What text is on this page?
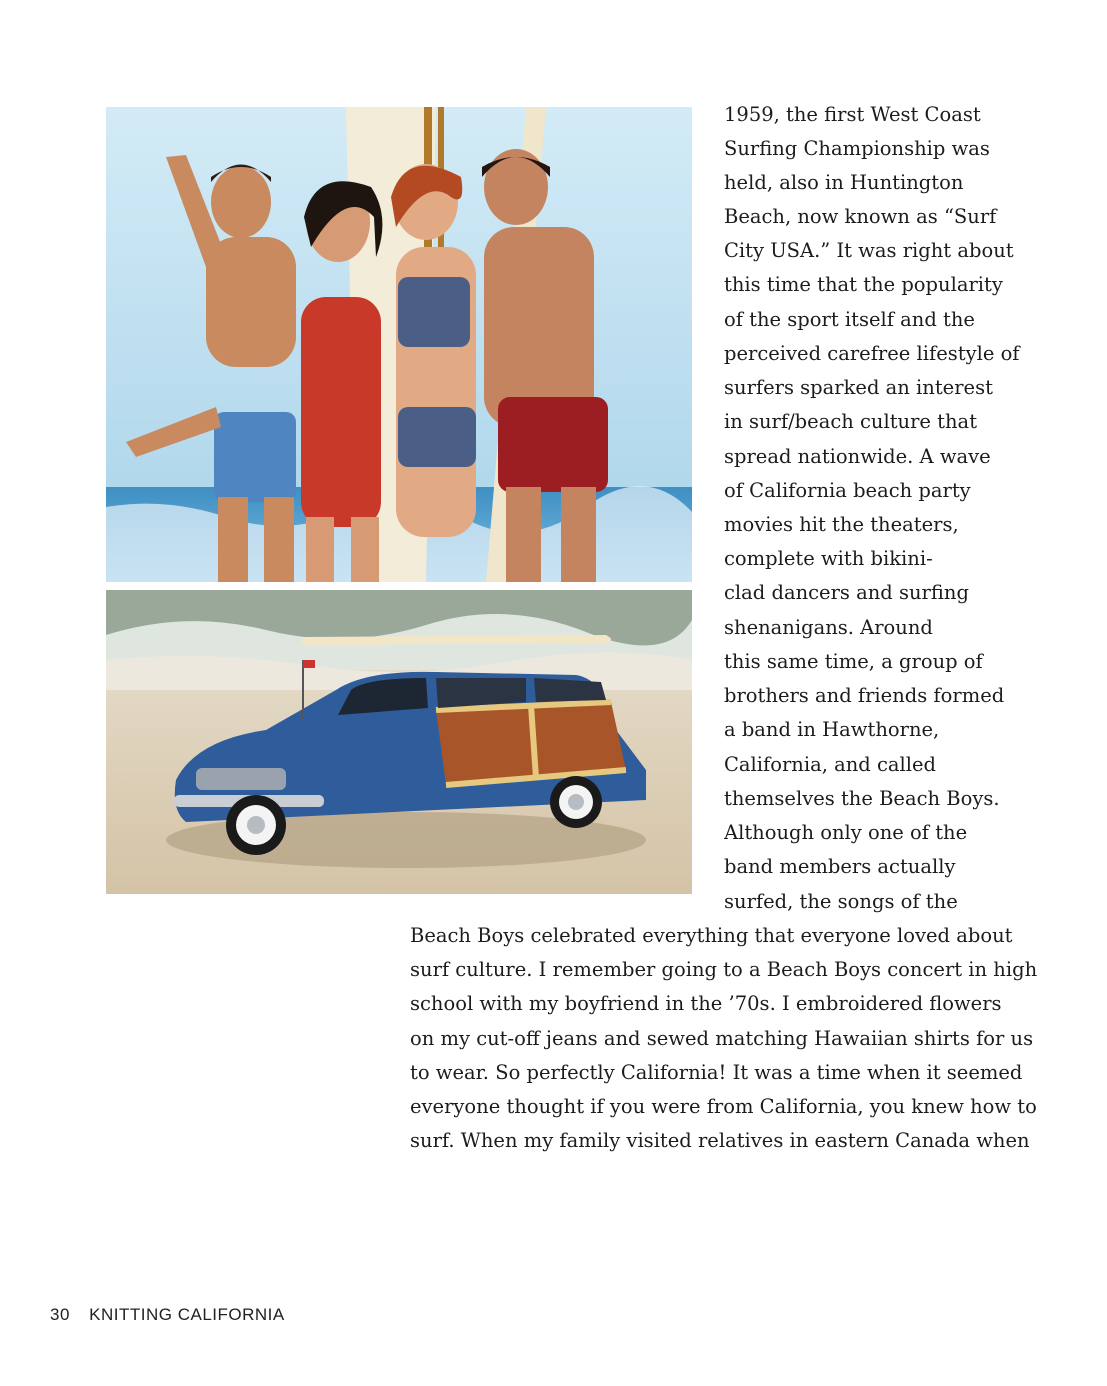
1959, the first West Coast
Surfing Championship was
held, also in Huntington
Beach, now known as “Surf
City USA.” It was right about
this time that the popularity
of the sport itself and the
perceived carefree lifestyle of
surfers sparked an interest
in surf/beach culture that
spread nationwide. A wave
of California beach party
movies hit the theaters,
complete with bikini-
clad dancers and surfing
shenanigans. Around
this same time, a group of
brothers and friends formed
a band in Hawthorne,
California, and called
themselves the Beach Boys.
Although only one of the
band members actually
surfed, the songs of the
Beach Boys celebrated everything that everyone loved about
surf culture. I remember going to a Beach Boys concert in high
school with my boyfriend in the ’70s. I embroidered flowers
on my cut-off jeans and sewed matching Hawaiian shirts for us
to wear. So perfectly California! It was a time when it seemed
everyone thought if you were from California, you knew how to
surf. When my family visited relatives in eastern Canada when
30 KNITTING CALIFORNIA
